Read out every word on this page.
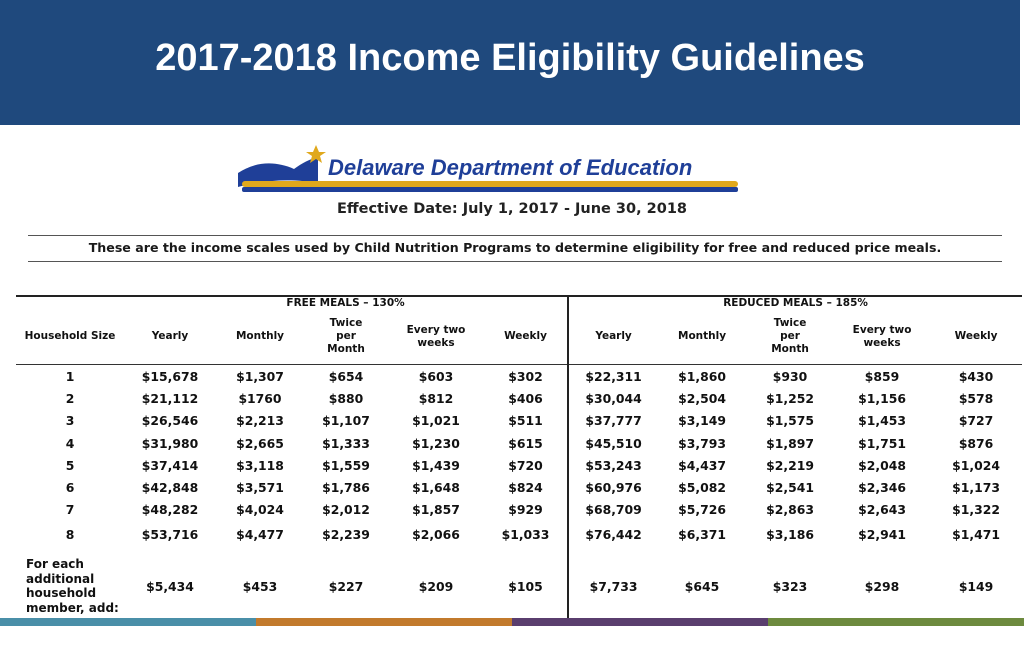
2017-2018 Income Eligibility Guidelines
Delaware Department of Education
Effective Date: July 1, 2017 - June 30, 2018
These are the income scales used by Child Nutrition Programs to determine eligibility for free and reduced price meals.
	FREE MEALS – 130%					REDUCED MEALS – 185%				
Household Size	Yearly	Monthly	Twice per Month	Every two weeks	Weekly	Yearly	Monthly	Twice per Month	Every two weeks	Weekly
1	$15,678	$1,307	$654	$603	$302	$22,311	$1,860	$930	$859	$430
2	$21,112	$1760	$880	$812	$406	$30,044	$2,504	$1,252	$1,156	$578
3	$26,546	$2,213	$1,107	$1,021	$511	$37,777	$3,149	$1,575	$1,453	$727
4	$31,980	$2,665	$1,333	$1,230	$615	$45,510	$3,793	$1,897	$1,751	$876
5	$37,414	$3,118	$1,559	$1,439	$720	$53,243	$4,437	$2,219	$2,048	$1,024
6	$42,848	$3,571	$1,786	$1,648	$824	$60,976	$5,082	$2,541	$2,346	$1,173
7	$48,282	$4,024	$2,012	$1,857	$929	$68,709	$5,726	$2,863	$2,643	$1,322
8	$53,716	$4,477	$2,239	$2,066	$1,033	$76,442	$6,371	$3,186	$2,941	$1,471
For each additional household member, add:	$5,434	$453	$227	$209	$105	$7,733	$645	$323	$298	$149
